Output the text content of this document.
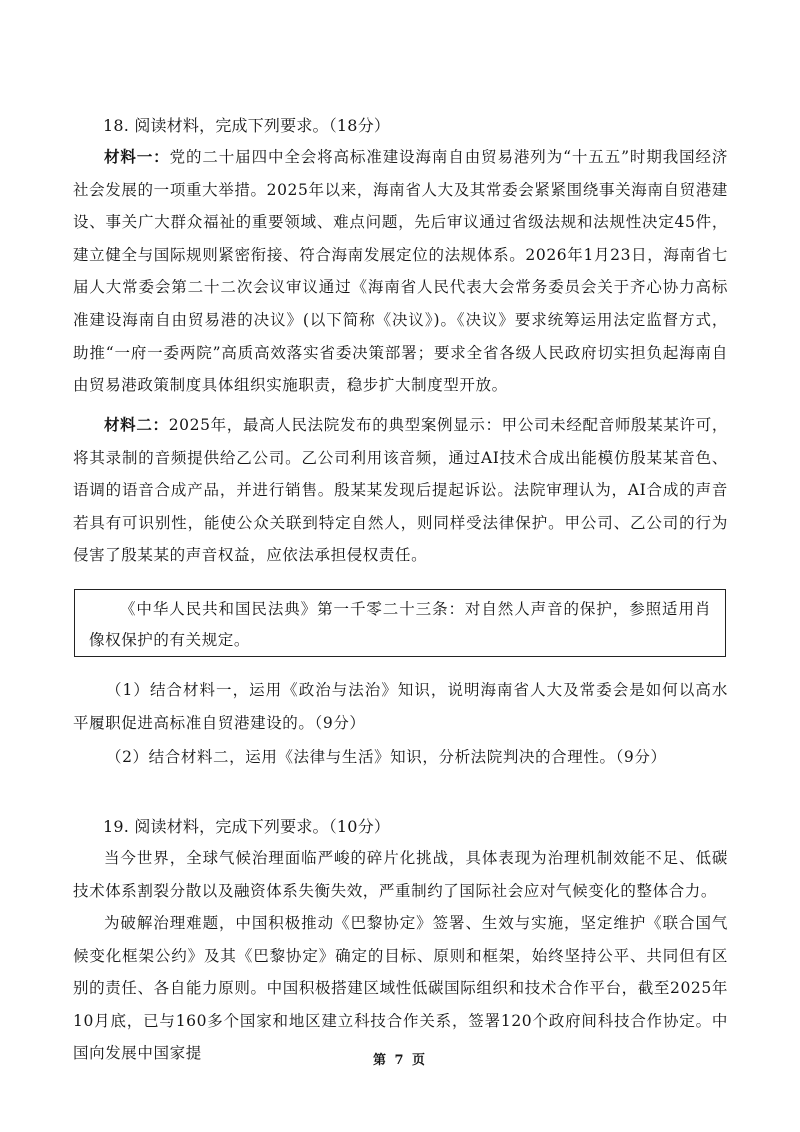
18. 阅读材料，完成下列要求。（18分）
材料一：党的二十届四中全会将高标准建设海南自由贸易港列为“十五五”时期我国经济社会发展的一项重大举措。2025年以来，海南省人大及其常委会紧紧围绕事关海南自贸港建设、事关广大群众福祉的重要领域、难点问题，先后审议通过省级法规和法规性决定45件，建立健全与国际规则紧密衔接、符合海南发展定位的法规体系。2026年1月23日，海南省七届人大常委会第二十二次会议审议通过《海南省人民代表大会常务委员会关于齐心协力高标准建设海南自由贸易港的决议》(以下简称《决议》)。《决议》要求统筹运用法定监督方式，助推“一府一委两院”高质高效落实省委决策部署；要求全省各级人民政府切实担负起海南自由贸易港政策制度具体组织实施职责，稳步扩大制度型开放。
材料二：2025年，最高人民法院发布的典型案例显示：甲公司未经配音师殷某某许可，将其录制的音频提供给乙公司。乙公司利用该音频，通过AI技术合成出能模仿殷某某音色、语调的语音合成产品，并进行销售。殷某某发现后提起诉讼。法院审理认为，AI合成的声音若具有可识别性，能使公众关联到特定自然人，则同样受法律保护。甲公司、乙公司的行为侵害了殷某某的声音权益，应依法承担侵权责任。
《中华人民共和国民法典》第一千零二十三条：对自然人声音的保护，参照适用肖像权保护的有关规定。
（1）结合材料一，运用《政治与法治》知识，说明海南省人大及常委会是如何以高水平履职促进高标准自贸港建设的。（9分）
（2）结合材料二，运用《法律与生活》知识，分析法院判决的合理性。（9分）
19. 阅读材料，完成下列要求。（10分）
当今世界，全球气候治理面临严峻的碎片化挑战，具体表现为治理机制效能不足、低碳技术体系割裂分散以及融资体系失衡失效，严重制约了国际社会应对气候变化的整体合力。
为破解治理难题，中国积极推动《巴黎协定》签署、生效与实施，坚定维护《联合国气候变化框架公约》及其《巴黎协定》确定的目标、原则和框架，始终坚持公平、共同但有区别的责任、各自能力原则。中国积极搭建区域性低碳国际组织和技术合作平台，截至2025年10月底，已与160多个国家和地区建立科技合作关系，签署120个政府间科技合作协定。中国向发展中国家提	第 7 页
